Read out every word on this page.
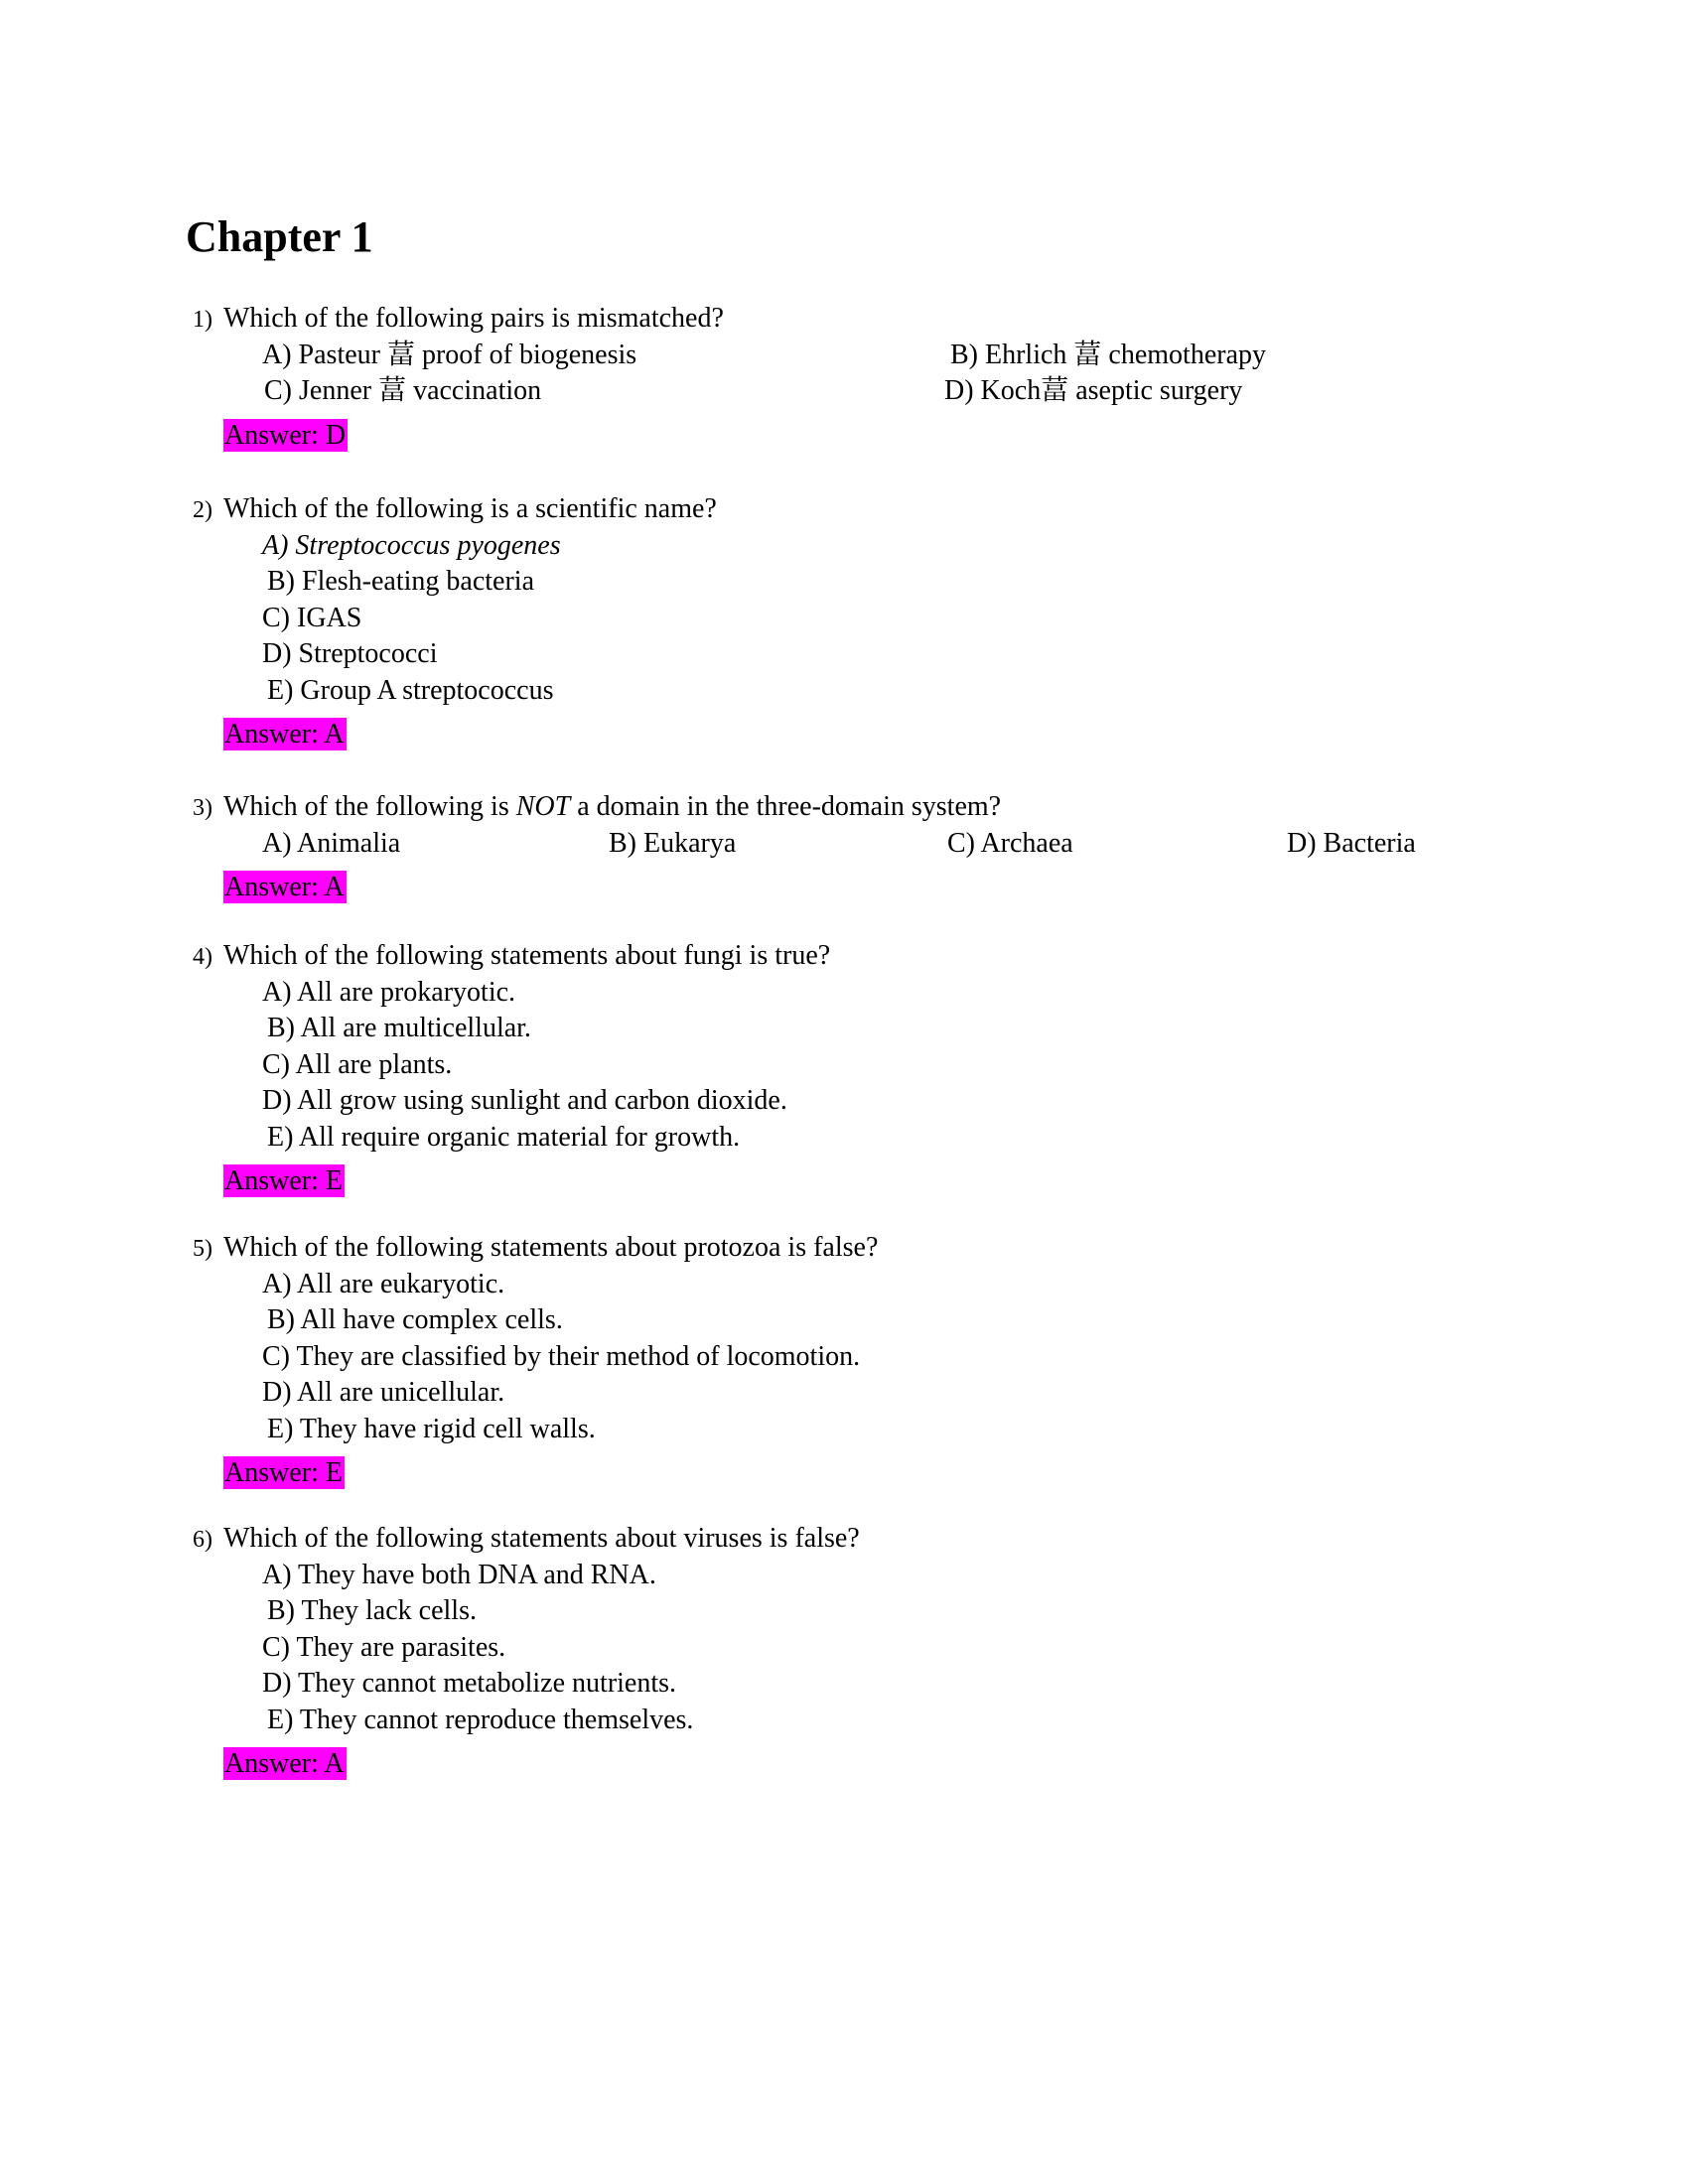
Chapter 1
1) Which of the following pairs is mismatched?
A) Pasteur 葍 proof of biogenesis	B) Ehrlich 葍 chemotherapy
C) Jenner 葍 vaccination	D) Koch葍 aseptic surgery
Answer: D
2) Which of the following is a scientific name?
A) Streptococcus pyogenes
B) Flesh-eating bacteria
C) IGAS
D) Streptococci
E) Group A streptococcus
Answer: A
3) Which of the following is NOT a domain in the three-domain system?
A) Animalia	B) Eukarya	C) Archaea	D) Bacteria
Answer: A
4) Which of the following statements about fungi is true?
A) All are prokaryotic.
B) All are multicellular.
C) All are plants.
D) All grow using sunlight and carbon dioxide.
E) All require organic material for growth.
Answer: E
5) Which of the following statements about protozoa is false?
A) All are eukaryotic.
B) All have complex cells.
C) They are classified by their method of locomotion.
D) All are unicellular.
E) They have rigid cell walls.
Answer: E
6) Which of the following statements about viruses is false?
A) They have both DNA and RNA.
B) They lack cells.
C) They are parasites.
D) They cannot metabolize nutrients.
E) They cannot reproduce themselves.
Answer: A
